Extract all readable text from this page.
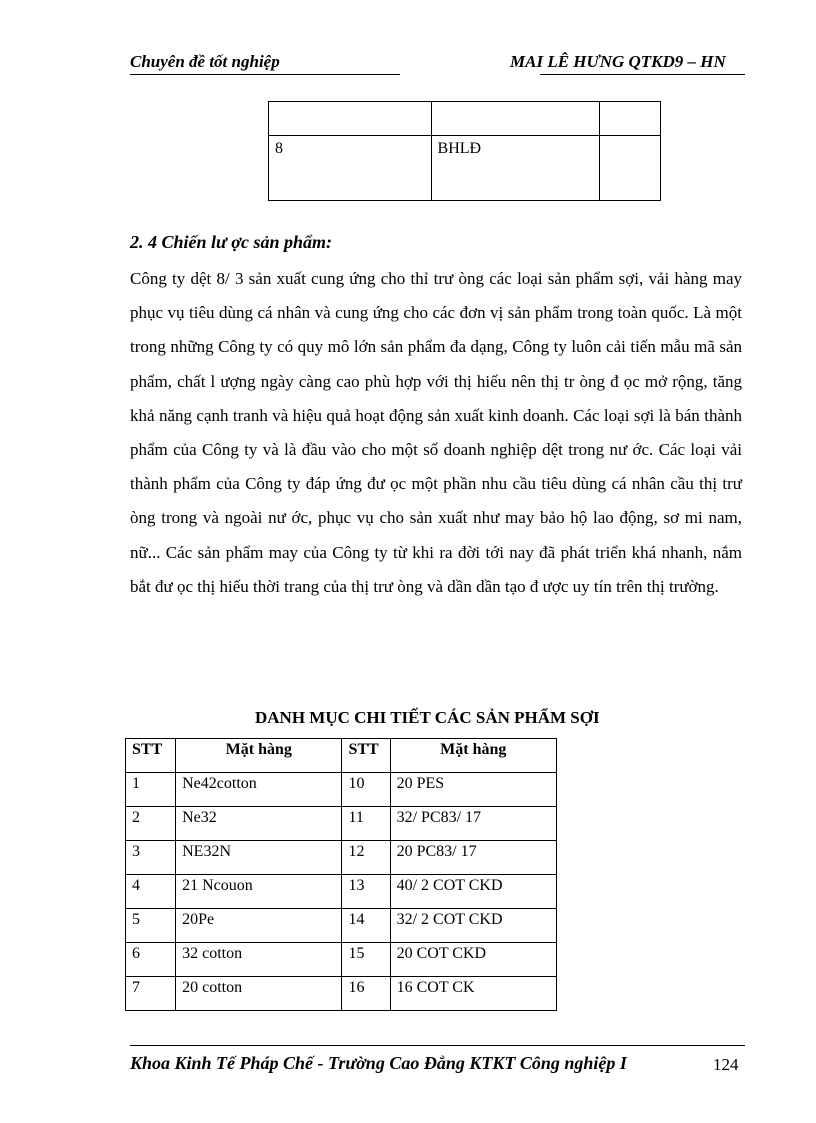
Chuyên đề tốt nghiệp	MAI LÊ HƯNG QTKD9 – HN

8	BHLĐ	
2. 4 Chiến lư ợc sản phẩm:
Công ty dệt 8/ 3 sản xuất cung ứng cho thỉ trư òng các loại sản phẩm sợi, vải hàng may phục vụ tiêu dùng cá nhân và cung ứng cho các đơn vị sản phẩm trong toàn quốc. Là một trong những Công ty có quy mô lớn sản phẩm đa dạng, Công ty luôn cải tiến mẫu mã sản phẩm, chất l ượng ngày càng cao phù hợp với thị hiếu nên thị tr òng đ ọc mở rộng, tăng khả năng cạnh tranh và hiệu quả hoạt động sản xuất kinh doanh. Các loại sợi là bán thành phẩm của Công ty và là đầu vào cho một số doanh nghiệp dệt trong nư ớc. Các loại vải thành phẩm của Công ty đáp ứng đư ọc một phần nhu cầu tiêu dùng cá nhân cầu thị trư òng trong và ngoài nư ớc, phục vụ cho sản xuất như may bảo hộ lao động, sơ mi nam, nữ... Các sản phẩm may của Công ty từ khi ra đời tới nay đã phát triển khá nhanh, nắm bắt đư ọc thị hiếu thời trang của thị trư òng và dần dần tạo đ ược uy tín trên thị trường.
DANH MỤC CHI TIẾT CÁC SẢN PHẨM SỢI
STT	Mặt hàng	STT	Mặt hàng
1	Ne42cotton	10	20 PES
2	Ne32	11	32/ PC83/ 17
3	NE32N	12	20 PC83/ 17
4	21 Ncouon	13	40/ 2 COT CKD
5	20Pe	14	32/ 2 COT CKD
6	32 cotton	15	20 COT CKD
7	20 cotton	16	16 COT CK
Khoa Kinh Tế Pháp Chế - Trường Cao Đẳng KTKT Công nghiệp I	124
